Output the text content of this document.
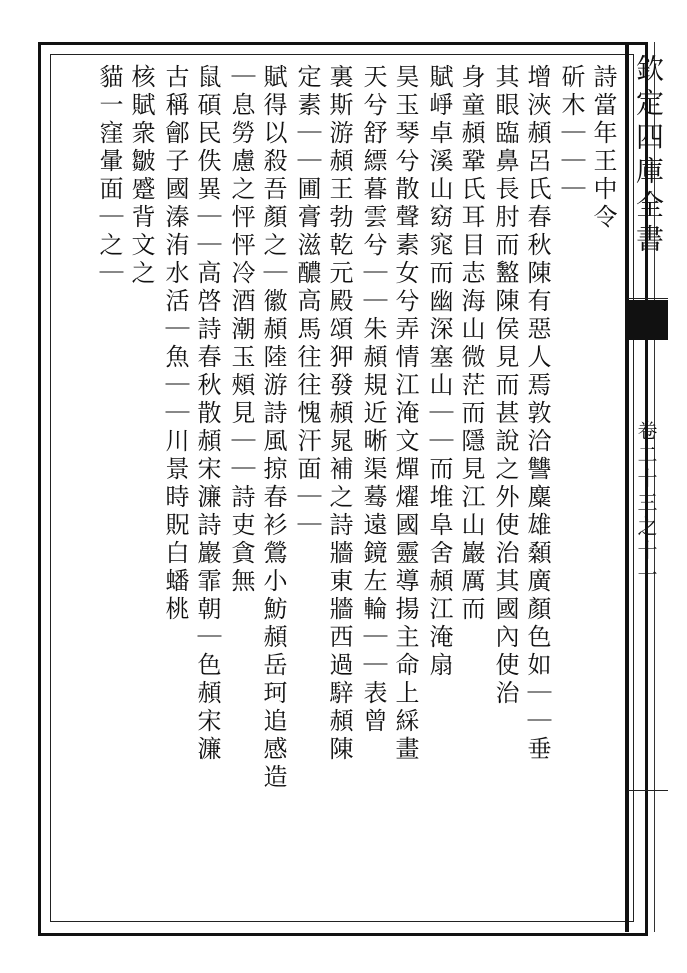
欽定四庫全書
卷二十三之十一
詩當年王中令
斫木｜｜｜
增浹頳呂氏春秋陳有惡人焉敦洽讐麋雄顙廣顏色如｜｜垂
其眼臨鼻長肘而盭陳侯見而甚說之外使治其國內使治
身童頳鞏氏耳目志海山微茫而隱見江山巖厲而
賦崢卓溪山窈窕而幽深塞山｜｜而堆阜舍頳江淹扇
昊玉琴兮散聲素女兮弄情江淹文燀燿國靈導揚主命上綵畫
天兮舒縹暮雲兮｜｜朱頳規近晰渠蓦遠鏡左輪｜｜表曾
裏斯游頳王勃乾元殿頌狎發頳晁補之詩牆東牆西過騂頳陳
定素｜｜圃膏滋醲高馬往往愧汗面｜｜
賦得以殺吾顏之｜徽頳陸游詩風掠春衫鶯小魴頳岳珂追感造
｜息勞慮之怦怦冷酒潮玉頰見｜｜詩吏貪無
鼠碩民佚異｜｜高啓詩春秋散頳宋濂詩巖霏朝｜色頳宋濂
古稱鄶子國溱洧水活｜魚｜｜川景時貺白蟠桃
核賦衆皺蹙背文之
貓一窪暈面｜之｜
